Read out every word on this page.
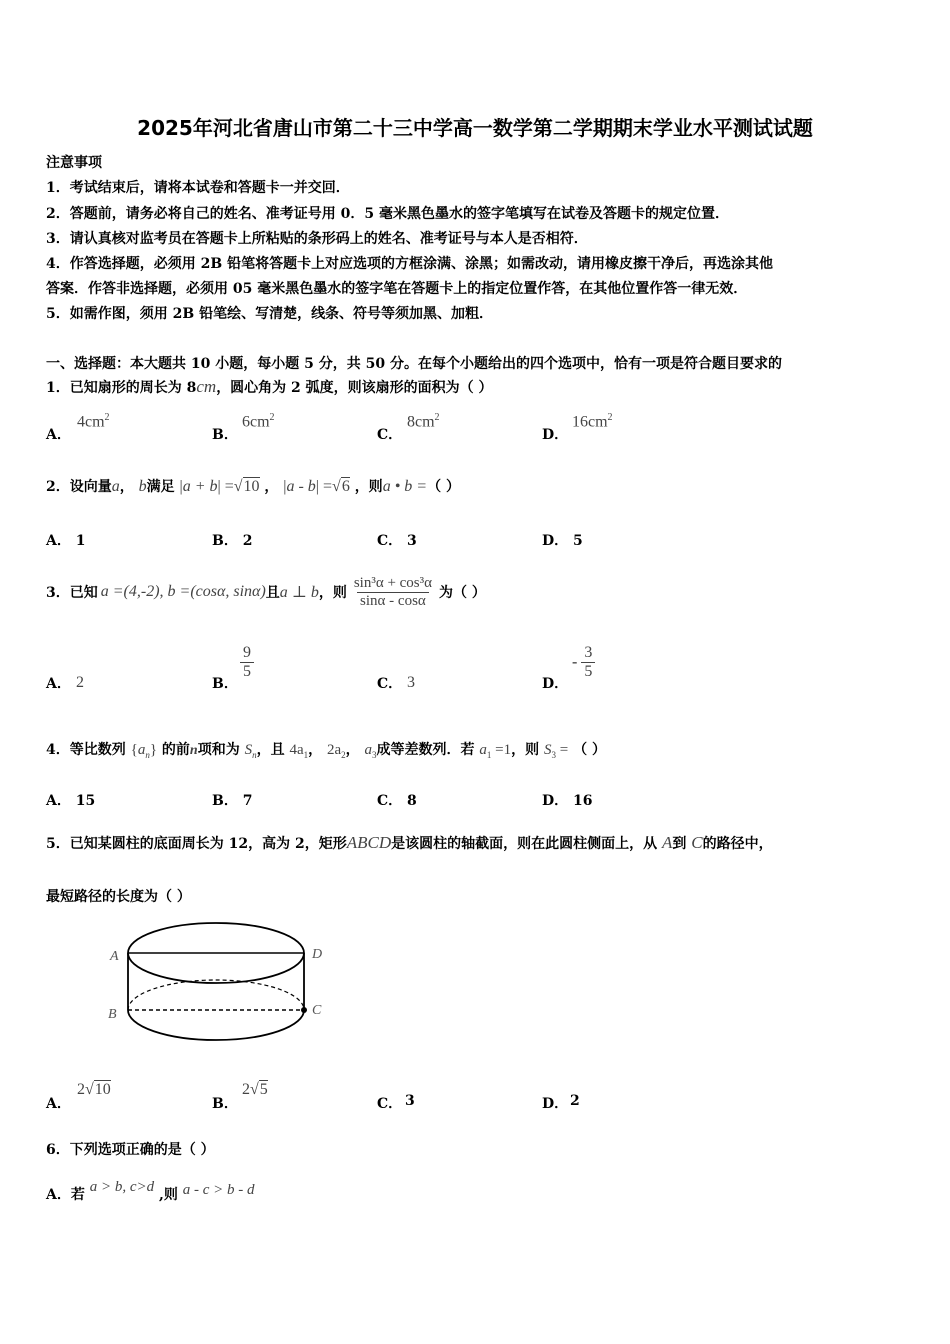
2025年河北省唐山市第二十三中学高一数学第二学期期末学业水平测试试题
注意事项
1．考试结束后，请将本试卷和答题卡一并交回．
2．答题前，请务必将自己的姓名、准考证号用 0．5 毫米黑色墨水的签字笔填写在试卷及答题卡的规定位置．
3．请认真核对监考员在答题卡上所粘贴的条形码上的姓名、准考证号与本人是否相符．
4．作答选择题，必须用 2B 铅笔将答题卡上对应选项的方框涂满、涂黑；如需改动，请用橡皮擦干净后，再选涂其他
答案．作答非选择题，必须用 05 毫米黑色墨水的签字笔在答题卡上的指定位置作答，在其他位置作答一律无效．
5．如需作图，须用 2B 铅笔绘、写清楚，线条、符号等须加黑、加粗．
一、选择题：本大题共 10 小题，每小题 5 分，共 50 分。在每个小题给出的四个选项中，恰有一项是符合题目要求的
1．已知扇形的周长为 8cm，圆心角为 2 弧度，则该扇形的面积为（ ）
A．
$4cm^2$
B．
$6cm^2$
C．
$8cm^2$
D．
$16cm^2$
2．设向量a， b满足 |a + b| =√10 ， |a - b| =√6 ，则a • b =（ ）
A． 1	B． 2	C． 3	D． 5
3．已知 a =(4,-2), b =(cosα, sinα) 且 a ⊥ b ，则 $\frac{\text{sin³α + cos³α}}{\sin\alpha - \cos\alpha}$ 为（ ）
A． 2	B．
$\frac{9}{5}$
C． 3	D．
- $\frac{3}{5}$
4．等比数列 $\{a_n\}$ 的前n项和为 $S_n$，且 $4a_1$， $2a_2$， $a_3$成等差数列．若 $a_1 =1$，则 $S_3$ = （ ）
A． 15	B． 7	C． 8	D． 16
5．已知某圆柱的底面周长为 12，高为 2，矩形ABCD是该圆柱的轴截面，则在此圆柱侧面上，从 A到 C的路径中，
最短路径的长度为（ ）
A	D
B	C
A．
2√10
B．
2√5
C． 3	D． 2
6．下列选项正确的是（ ）
A．若 a > b, c>d ,则 a - c > b - d
